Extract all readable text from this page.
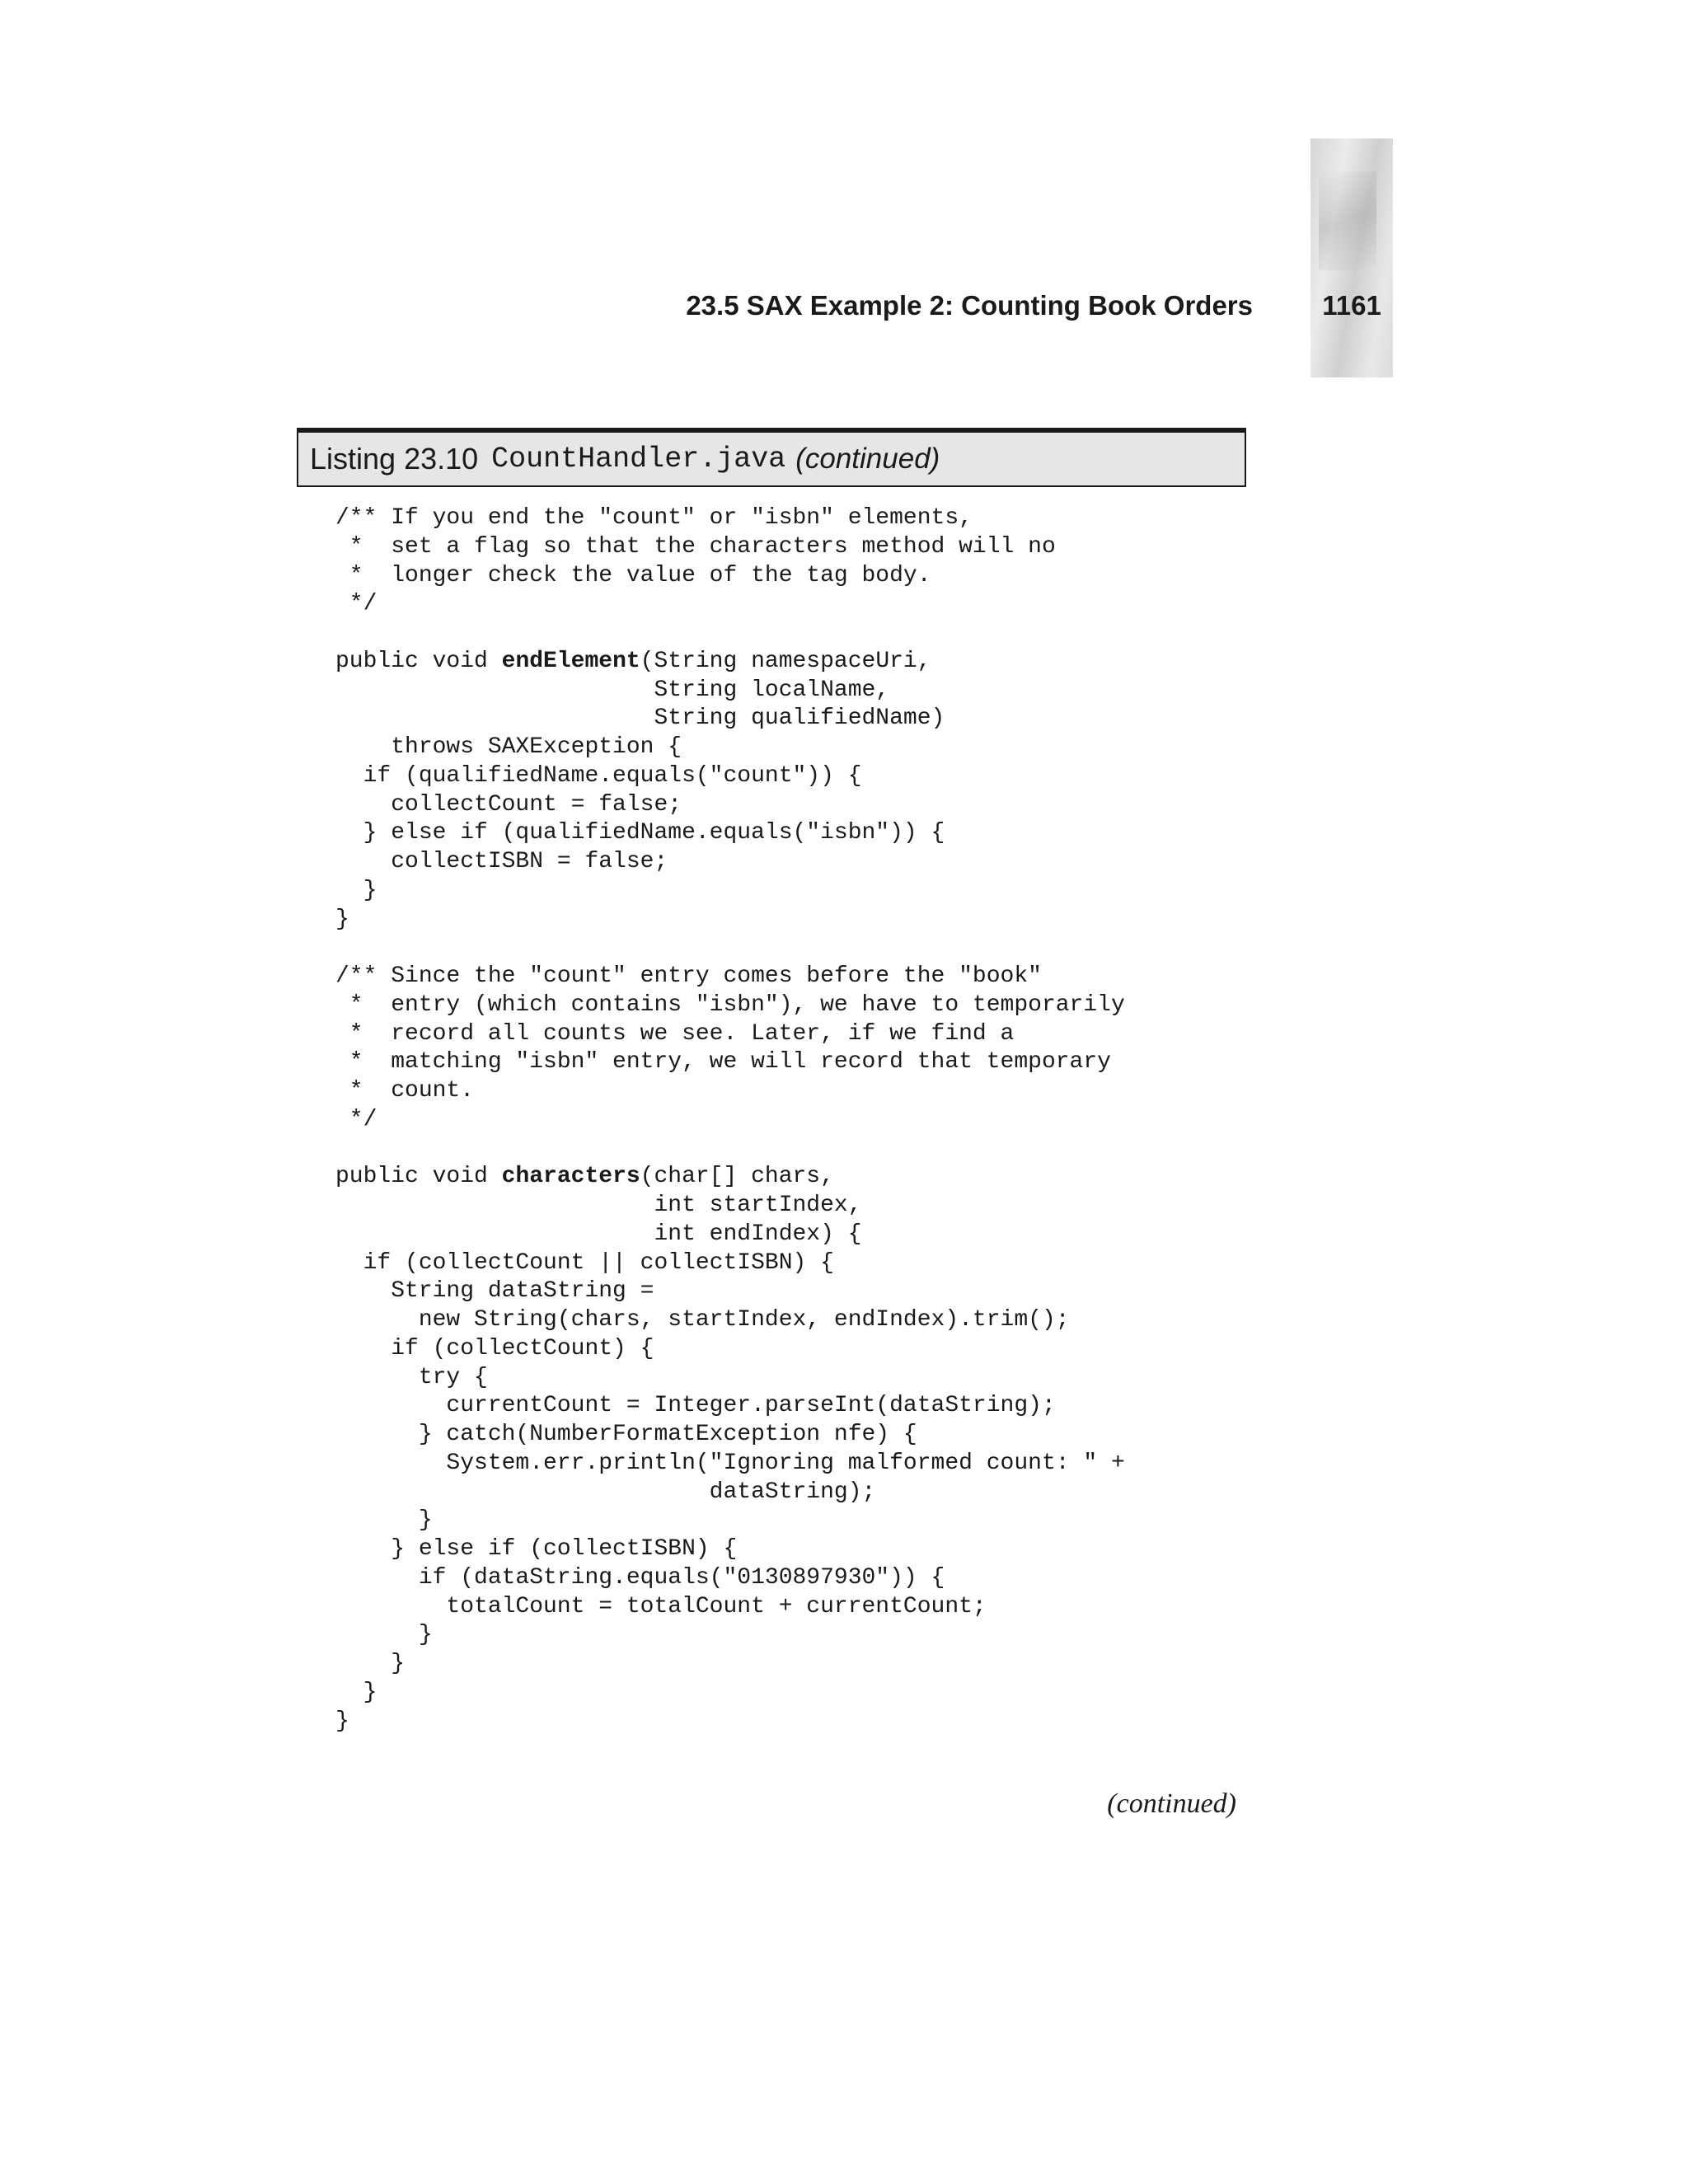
23.5 SAX Example 2: Counting Book Orders	1161
Listing 23.10 CountHandler.java (continued)
/** If you end the "count" or "isbn" elements,
*  set a flag so that the characters method will no
*  longer check the value of the tag body.
*/
public void endElement(String namespaceUri,
String localName,
String qualifiedName)
throws SAXException {
if (qualifiedName.equals("count")) {
collectCount = false;
} else if (qualifiedName.equals("isbn")) {
collectISBN = false;
}
}
/** Since the "count" entry comes before the "book"
*  entry (which contains "isbn"), we have to temporarily
*  record all counts we see. Later, if we find a
*  matching "isbn" entry, we will record that temporary
*  count.
*/
public void characters(char[] chars,
int startIndex,
int endIndex) {
if (collectCount || collectISBN) {
String dataString =
new String(chars, startIndex, endIndex).trim();
if (collectCount) {
try {
currentCount = Integer.parseInt(dataString);
} catch(NumberFormatException nfe) {
System.err.println("Ignoring malformed count: " +
dataString);
}
} else if (collectISBN) {
if (dataString.equals("0130897930")) {
totalCount = totalCount + currentCount;
}
}
}
}
(continued)
